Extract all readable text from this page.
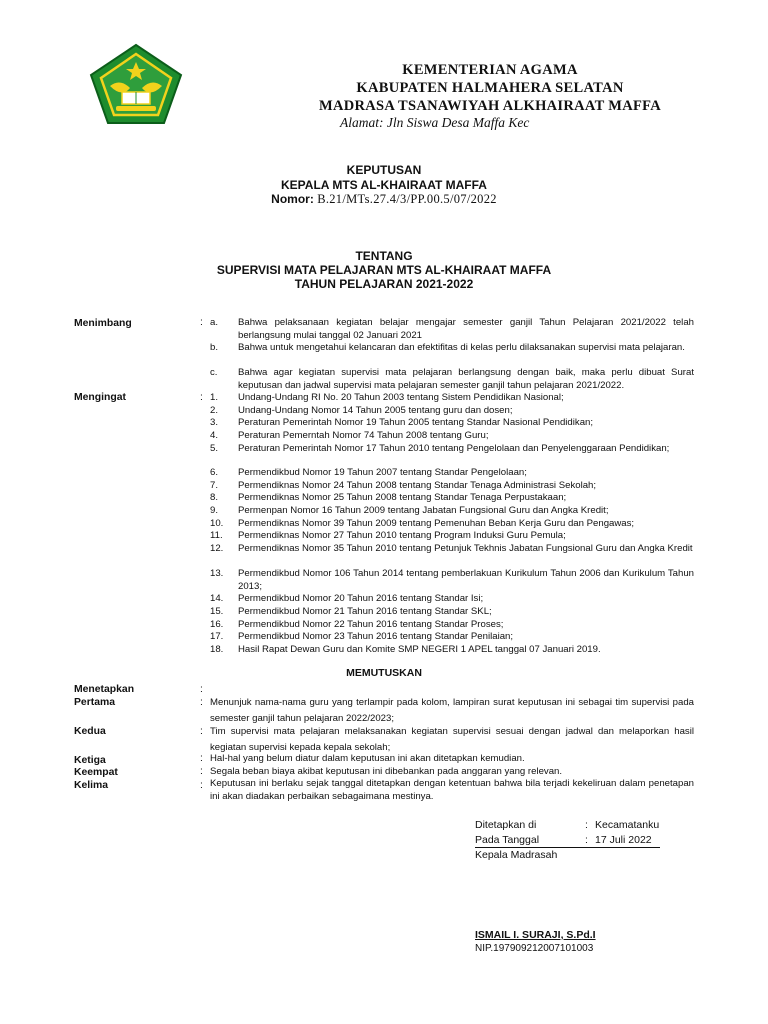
KEMENTERIAN AGAMA
KABUPATEN HALMAHERA SELATAN
MADRASA TSANAWIYAH ALKHAIRAAT MAFFA
Alamat: Jln Siswa Desa Maffa Kec
KEPUTUSAN
KEPALA MTS AL-KHAIRAAT MAFFA
Nomor: B.21/MTs.27.4/3/PP.00.5/07/2022
TENTANG
SUPERVISI MATA PELAJARAN MTS AL-KHAIRAAT MAFFA
TAHUN PELAJARAN 2021-2022
Menimbang	: a.	Bahwa pelaksanaan kegiatan belajar mengajar semester ganjil Tahun Pelajaran 2021/2022 telah berlangsung mulai tanggal 02 Januari 2021
b.	Bahwa untuk mengetahui kelancaran dan efektifitas di kelas perlu dilaksanakan supervisi mata pelajaran.
c.	Bahwa agar kegiatan supervisi mata pelajaran berlangsung dengan baik, maka perlu dibuat Surat keputusan dan jadwal supervisi mata pelajaran semester ganjil tahun pelajaran 2021/2022.
Mengingat	: 1.	Undang-Undang RI No. 20 Tahun 2003 tentang Sistem Pendidikan Nasional;
2.	Undang-Undang Nomor 14 Tahun 2005 tentang guru dan dosen;
3.	Peraturan Pemerintah Nomor 19 Tahun 2005 tentang Standar Nasional Pendidikan;
4.	Peraturan Pemerntah Nomor 74 Tahun 2008 tentang Guru;
5.	Peraturan Pemerintah Nomor 17 Tahun 2010 tentang Pengelolaan dan Penyelenggaraan Pendidikan;
6.	Permendikbud Nomor 19 Tahun 2007 tentang Standar Pengelolaan;
7.	Permendiknas Nomor 24 Tahun 2008 tentang Standar Tenaga Administrasi Sekolah;
8.	Permendiknas Nomor 25 Tahun 2008 tentang Standar Tenaga Perpustakaan;
9.	Permenpan Nomor 16 Tahun 2009 tentang Jabatan Fungsional Guru dan Angka Kredit;
10.	Permendiknas Nomor 39 Tahun 2009 tentang Pemenuhan Beban Kerja Guru dan Pengawas;
11.	Permendiknas Nomor 27 Tahun 2010 tentang Program Induksi Guru Pemula;
12.	Permendiknas Nomor 35 Tahun 2010 tentang Petunjuk Tekhnis Jabatan Fungsional Guru dan Angka Kredit
13.	Permendikbud Nomor 106 Tahun 2014 tentang pemberlakuan Kurikulum Tahun 2006 dan Kurikulum Tahun 2013;
14.	Permendikbud Nomor 20 Tahun 2016 tentang Standar Isi;
15.	Permendikbud Nomor 21 Tahun 2016 tentang Standar SKL;
16.	Permendikbud Nomor 22 Tahun 2016 tentang Standar Proses;
17.	Permendikbud Nomor 23 Tahun 2016 tentang Standar Penilaian;
18.	Hasil Rapat Dewan Guru dan Komite SMP NEGERI 1 APEL tanggal 07 Januari 2019.
MEMUTUSKAN
Menetapkan	:
Pertama	: Menunjuk nama-nama guru yang terlampir pada kolom, lampiran surat keputusan ini sebagai tim supervisi pada semester ganjil tahun pelajaran 2022/2023;
Kedua	: Tim supervisi mata pelajaran melaksanakan kegiatan supervisi sesuai dengan jadwal dan melaporkan hasil kegiatan supervisi kepada kepala sekolah;
Ketiga	: Hal-hal yang belum diatur dalam keputusan ini akan ditetapkan kemudian.
Keempat	: Segala beban biaya akibat keputusan ini dibebankan pada anggaran yang relevan.
Kelima	: Keputusan ini berlaku sejak tanggal ditetapkan dengan ketentuan bahwa bila terjadi kekeliruan dalam penetapan ini akan diadakan perbaikan sebagaimana mestinya.
Ditetapkan di	: Kecamatanku
Pada Tanggal	: 17 Juli 2022
Kepala Madrasah
ISMAIL I. SURAJI, S.Pd.I
NIP.197909212007101003
